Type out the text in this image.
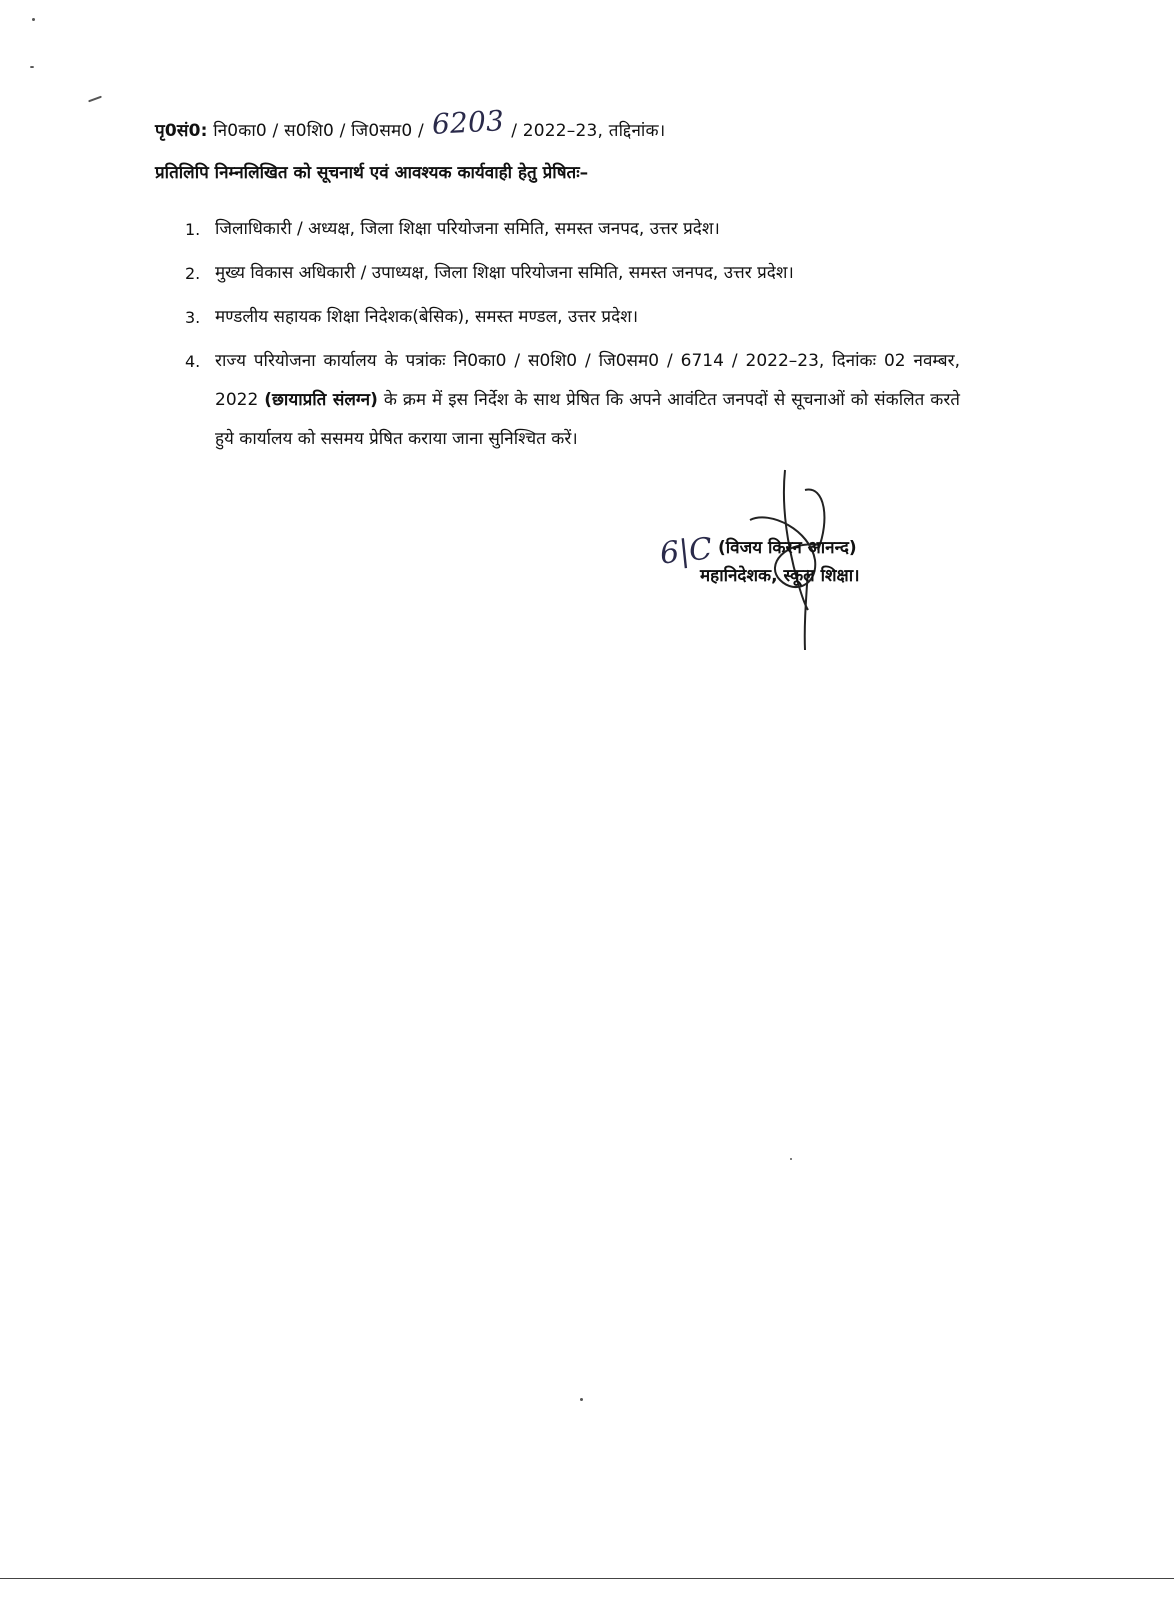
पृ0सं0: नि0का0 / स0शि0 / जि0सम0 / 6203 / 2022–23, तद्दिनांक।
प्रतिलिपि निम्नलिखित को सूचनार्थ एवं आवश्यक कार्यवाही हेतु प्रेषितः–
1. जिलाधिकारी / अध्यक्ष, जिला शिक्षा परियोजना समिति, समस्त जनपद, उत्तर प्रदेश।
2. मुख्य विकास अधिकारी / उपाध्यक्ष, जिला शिक्षा परियोजना समिति, समस्त जनपद, उत्तर प्रदेश।
3. मण्डलीय सहायक शिक्षा निदेशक(बेसिक), समस्त मण्डल, उत्तर प्रदेश।
4. राज्य परियोजना कार्यालय के पत्रांकः नि0का0 / स0शि0 / जि0सम0 / 6714 / 2022–23, दिनांकः 02 नवम्बर, 2022 (छायाप्रति संलग्न) के क्रम में इस निर्देश के साथ प्रेषित कि अपने आवंटित जनपदों से सूचनाओं को संकलित करते हुये कार्यालय को ससमय प्रेषित कराया जाना सुनिश्चित करें।
6|C (विजय किरन आनन्द)
महानिदेशक, स्कूल शिक्षा।
